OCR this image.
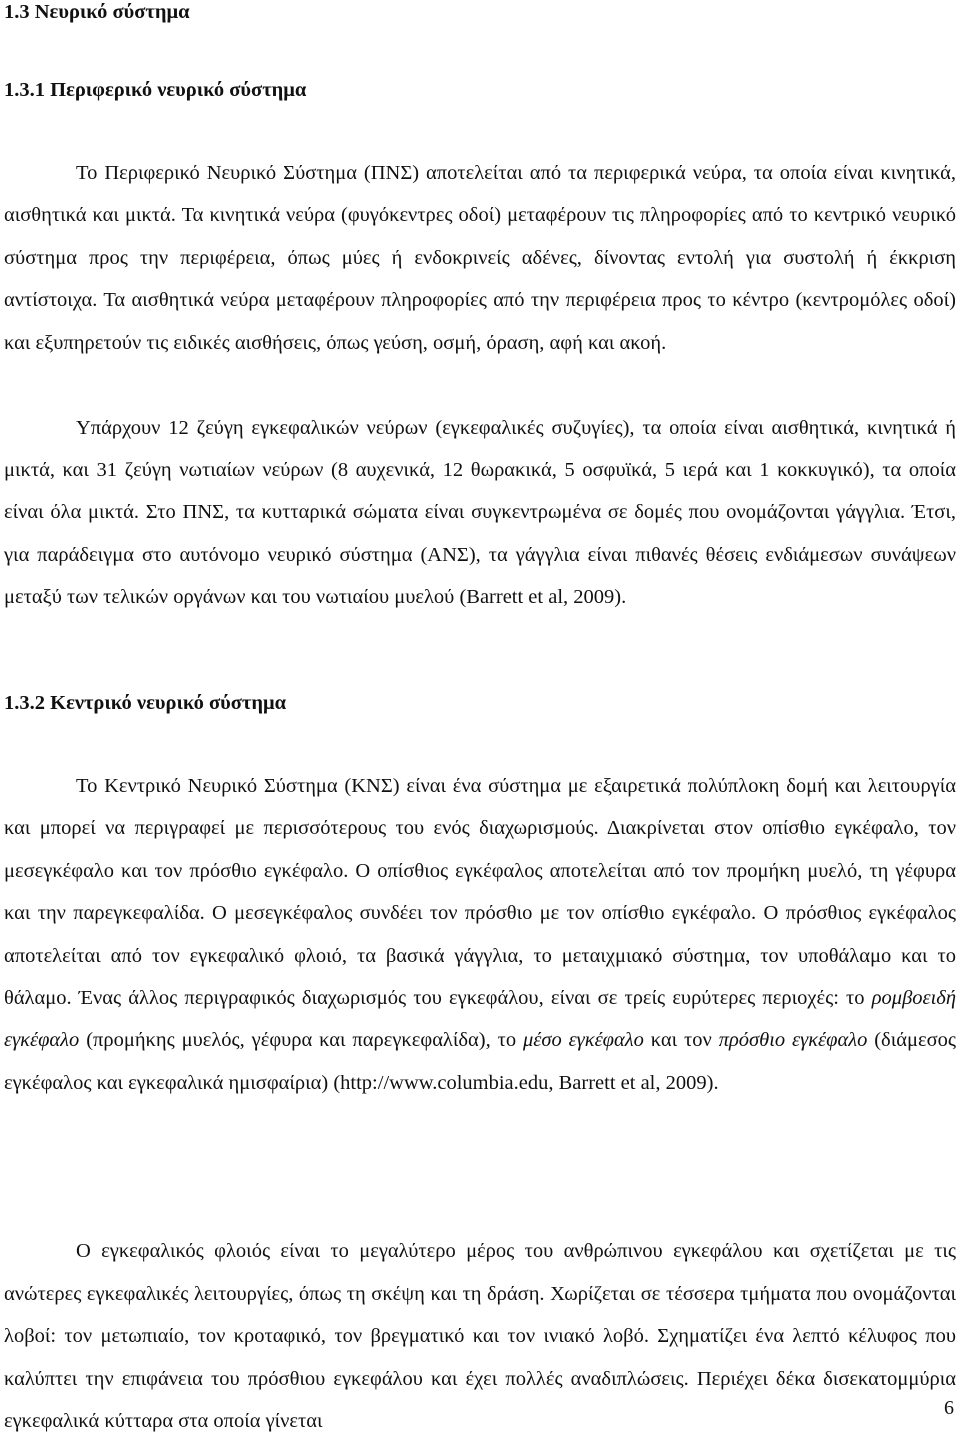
1.3 Νευρικό σύστημα
1.3.1 Περιφερικό νευρικό σύστημα

Το Περιφερικό Νευρικό Σύστημα (ΠΝΣ) αποτελείται από τα περιφερικά νεύρα, τα οποία είναι κινητικά, αισθητικά και μικτά. Τα κινητικά νεύρα (φυγόκεντρες οδοί) μεταφέρουν τις πληροφορίες από το κεντρικό νευρικό σύστημα προς την περιφέρεια, όπως μύες ή ενδοκρινείς αδένες, δίνοντας εντολή για συστολή ή έκκριση αντίστοιχα. Τα αισθητικά νεύρα μεταφέρουν πληροφορίες από την περιφέρεια προς το κέντρο (κεντρομόλες οδοί) και εξυπηρετούν τις ειδικές αισθήσεις, όπως γεύση, οσμή, όραση, αφή και ακοή.

Υπάρχουν 12 ζεύγη εγκεφαλικών νεύρων (εγκεφαλικές συζυγίες), τα οποία είναι αισθητικά, κινητικά ή μικτά, και 31 ζεύγη νωτιαίων νεύρων (8 αυχενικά, 12 θωρακικά, 5 οσφυϊκά, 5 ιερά και 1 κοκκυγικό), τα οποία είναι όλα μικτά. Στο ΠΝΣ, τα κυτταρικά σώματα είναι συγκεντρωμένα σε δομές που ονομάζονται γάγγλια. Έτσι, για παράδειγμα στο αυτόνομο νευρικό σύστημα (ΑΝΣ), τα γάγγλια είναι πιθανές θέσεις ενδιάμεσων συνάψεων μεταξύ των τελικών οργάνων και του νωτιαίου μυελού (Barrett et al, 2009).

1.3.2 Κεντρικό νευρικό σύστημα

Το Κεντρικό Νευρικό Σύστημα (ΚΝΣ) είναι ένα σύστημα με εξαιρετικά πολύπλοκη δομή και λειτουργία και μπορεί να περιγραφεί με περισσότερους του ενός διαχωρισμούς. Διακρίνεται στον οπίσθιο εγκέφαλο, τον μεσεγκέφαλο και τον πρόσθιο εγκέφαλο. Ο οπίσθιος εγκέφαλος αποτελείται από τον προμήκη μυελό, τη γέφυρα και την παρεγκεφαλίδα. Ο μεσεγκέφαλος συνδέει τον πρόσθιο με τον οπίσθιο εγκέφαλο. Ο πρόσθιος εγκέφαλος αποτελείται από τον εγκεφαλικό φλοιό, τα βασικά γάγγλια, το μεταιχμιακό σύστημα, τον υποθάλαμο και το θάλαμο. Ένας άλλος περιγραφικός διαχωρισμός του εγκεφάλου, είναι σε τρείς ευρύτερες περιοχές: το ρομβοειδή εγκέφαλο (προμήκης μυελός, γέφυρα και παρεγκεφαλίδα), το μέσο εγκέφαλο και τον πρόσθιο εγκέφαλο (διάμεσος εγκέφαλος και εγκεφαλικά ημισφαίρια) (http://www.columbia.edu, Barrett et al, 2009).

Ο εγκεφαλικός φλοιός είναι το μεγαλύτερο μέρος του ανθρώπινου εγκεφάλου και σχετίζεται με τις ανώτερες εγκεφαλικές λειτουργίες, όπως τη σκέψη και τη δράση. Χωρίζεται σε τέσσερα τμήματα που ονομάζονται λοβοί: τον μετωπιαίο, τον κροταφικό, τον βρεγματικό και τον ινιακό λοβό. Σχηματίζει ένα λεπτό κέλυφος που καλύπτει την επιφάνεια του πρόσθιου εγκεφάλου και έχει πολλές αναδιπλώσεις. Περιέχει δέκα δισεκατομμύρια εγκεφαλικά κύτταρα στα οποία γίνεται
6
